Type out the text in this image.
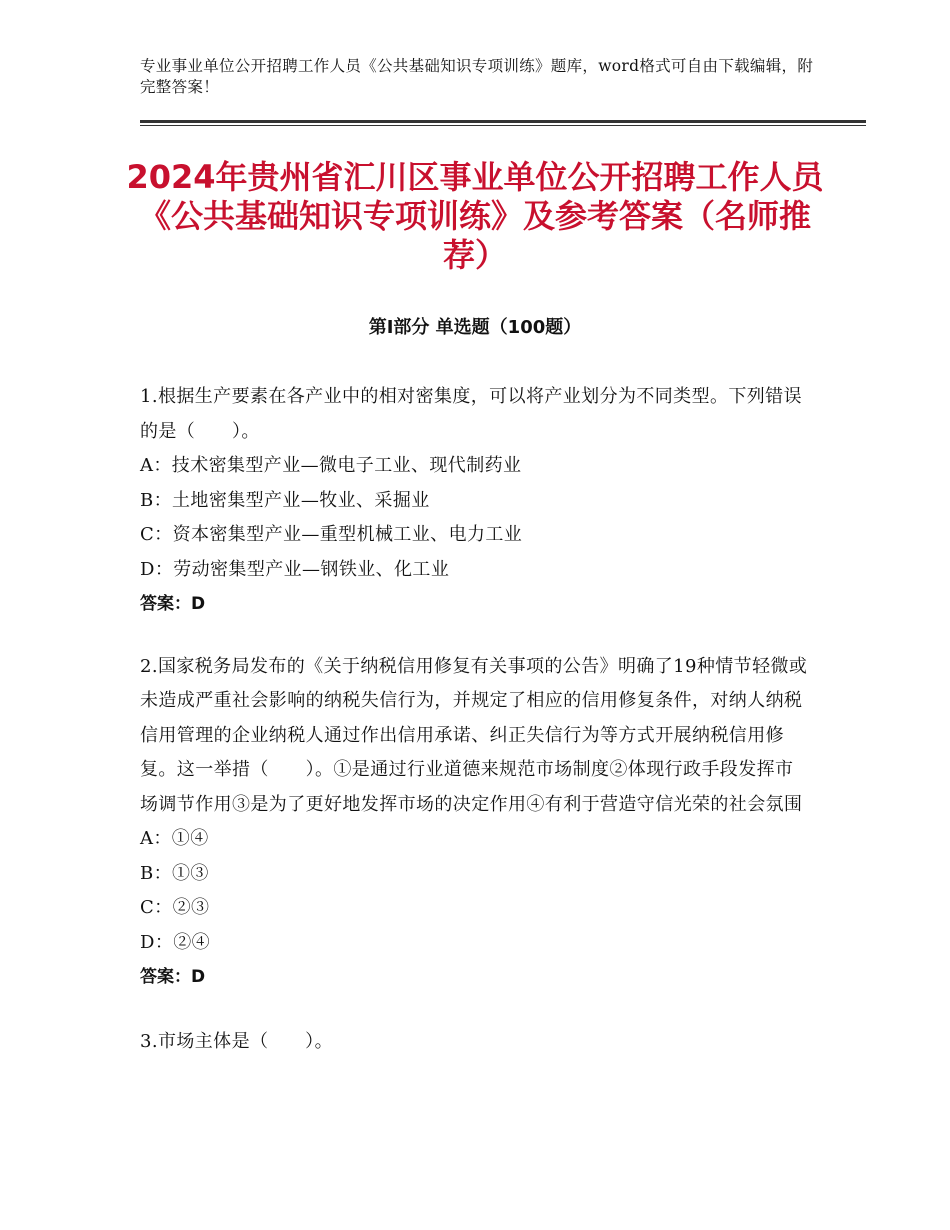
专业事业单位公开招聘工作人员《公共基础知识专项训练》题库，word格式可自由下载编辑，附完整答案！
2024年贵州省汇川区事业单位公开招聘工作人员《公共基础知识专项训练》及参考答案（名师推荐）
第I部分 单选题（100题）
1.根据生产要素在各产业中的相对密集度，可以将产业划分为不同类型。下列错误的是（　　）。
A：技术密集型产业—微电子工业、现代制药业
B：土地密集型产业—牧业、采掘业
C：资本密集型产业—重型机械工业、电力工业
D：劳动密集型产业—钢铁业、化工业
答案：D
2.国家税务局发布的《关于纳税信用修复有关事项的公告》明确了19种情节轻微或未造成严重社会影响的纳税失信行为，并规定了相应的信用修复条件，对纳人纳税信用管理的企业纳税人通过作出信用承诺、纠正失信行为等方式开展纳税信用修复。这一举措（　　）。①是通过行业道德来规范市场制度②体现行政手段发挥市场调节作用③是为了更好地发挥市场的决定作用④有利于营造守信光荣的社会氛围
A：①④
B：①③
C：②③
D：②④
答案：D
3.市场主体是（　　）。
